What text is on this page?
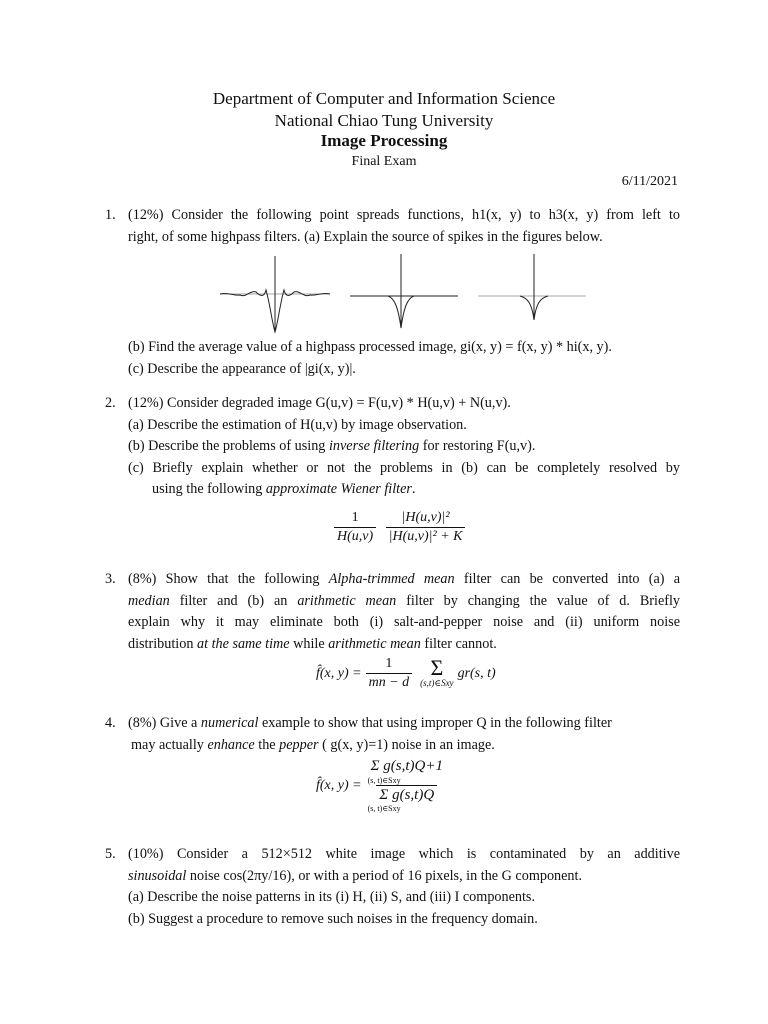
Department of Computer and Information Science
National Chiao Tung University
Image Processing
Final Exam
6/11/2021
1. (12%) Consider the following point spreads functions, h1(x, y) to h3(x, y) from left to
right, of some highpass filters. (a) Explain the source of spikes in the figures below.
(b) Find the average value of a highpass processed image, gi(x, y) = f(x, y) * hi(x, y).
(c) Describe the appearance of |gi(x, y)|.
2. (12%) Consider degraded image G(u,v) = F(u,v) * H(u,v) + N(u,v).
(a) Describe the estimation of H(u,v) by image observation.
(b) Describe the problems of using inverse filtering for restoring F(u,v).
(c) Briefly explain whether or not the problems in (b) can be completely resolved by
using the following approximate Wiener filter.
$\frac{1}{H(u,v)}$
$\frac{\text{|H(u,v)|²}}{\text{|H(u,v)|² + K}}$
3. (8%) Show that the following Alpha-trimmed mean filter can be converted into (a) a
median filter and (b) an arithmetic mean filter by changing the value of d. Briefly
explain why it may eliminate both (i) salt-and-pepper noise and (ii) uniform noise
distribution at the same time while arithmetic mean filter cannot.
f̂(x, $y) = \frac{1}{mn - d}$ Σ
(s,t)∈Sxy
gr(s, t)
4. (8%) Give a numerical example to show that using improper Q in the following filter
may actually enhance the pepper ( g(x, y)=1) noise in an image.
f̂(x, y) =
Σ g(s,t)Q+1
(s, t)∈Sxy
Σ g(s,t)Q
(s, t)∈Sxy
5. (10%) Consider a 512×512 white image which is contaminated by an additive
sinusoidal noise cos(2πy/16), or with a period of 16 pixels, in the G component.
(a) Describe the noise patterns in its (i) H, (ii) S, and (iii) I components.
(b) Suggest a procedure to remove such noises in the frequency domain.
